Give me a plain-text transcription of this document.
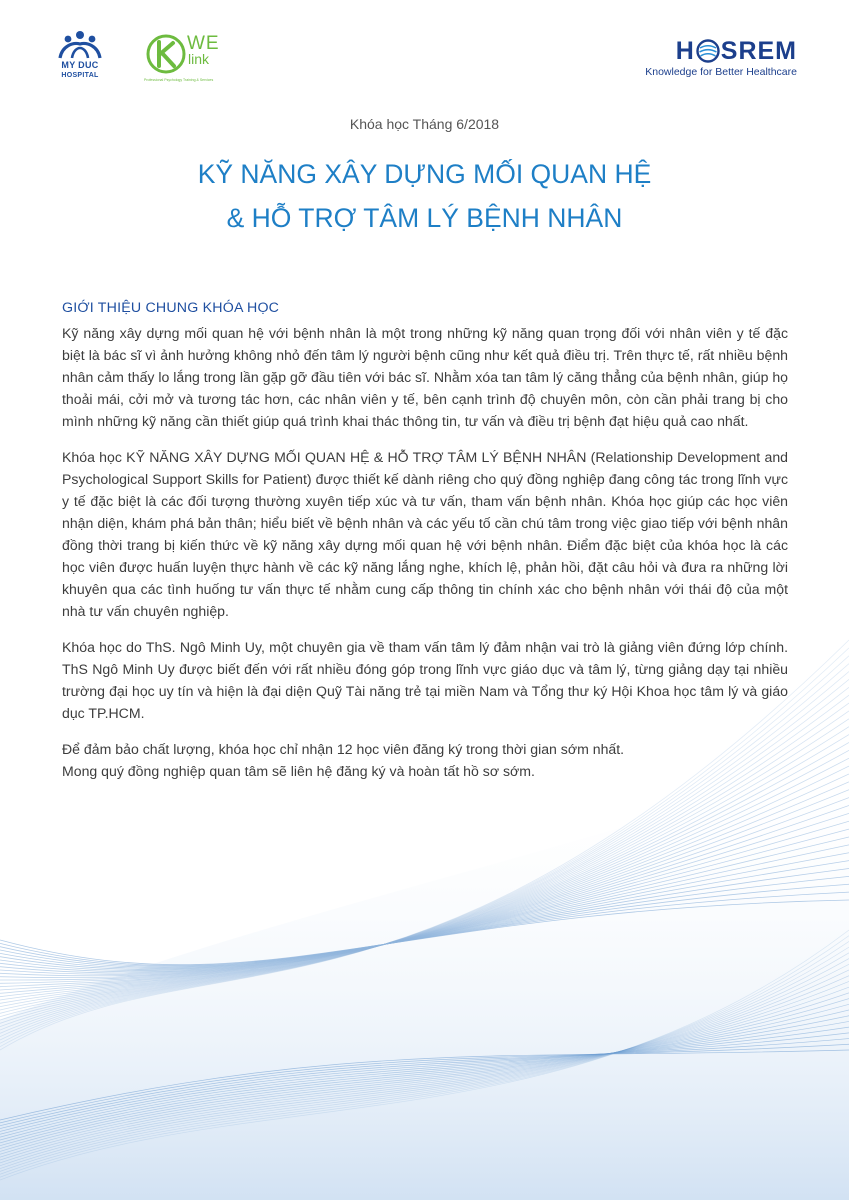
MY DUC
HOSPITAL
WE
link
Professional Psychology Training & Services
H SREM
Knowledge for Better Healthcare
Khóa học Tháng 6/2018
KỸ NĂNG XÂY DỰNG MỐI QUAN HỆ
& HỖ TRỢ TÂM LÝ BỆNH NHÂN
GIỚI THIỆU CHUNG KHÓA HỌC

Kỹ năng xây dựng mối quan hệ với bệnh nhân là một trong những kỹ năng quan trọng đối với nhân viên y tế đặc biệt là bác sĩ vì ảnh hưởng không nhỏ đến tâm lý người bệnh cũng như kết quả điều trị. Trên thực tế, rất nhiều bệnh nhân cảm thấy lo lắng trong lần gặp gỡ đầu tiên với bác sĩ. Nhằm xóa tan tâm lý căng thẳng của bệnh nhân, giúp họ thoải mái, cởi mở và tương tác hơn, các nhân viên y tế, bên cạnh trình độ chuyên môn, còn cần phải trang bị cho mình những kỹ năng cần thiết giúp quá trình khai thác thông tin, tư vấn và điều trị bệnh đạt hiệu quả cao nhất.

Khóa học KỸ NĂNG XÂY DỰNG MỐI QUAN HỆ & HỖ TRỢ TÂM LÝ BỆNH NHÂN (Relationship Development and Psychological Support Skills for Patient) được thiết kế dành riêng cho quý đồng nghiệp đang công tác trong lĩnh vực y tế đặc biệt là các đối tượng thường xuyên tiếp xúc và tư vấn, tham vấn bệnh nhân. Khóa học giúp các học viên nhận diện, khám phá bản thân; hiểu biết về bệnh nhân và các yếu tố cần chú tâm trong việc giao tiếp với bệnh nhân đồng thời trang bị kiến thức về kỹ năng xây dựng mối quan hệ với bệnh nhân. Điểm đặc biệt của khóa học là các học viên được huấn luyện thực hành về các kỹ năng lắng nghe, khích lệ, phản hồi, đặt câu hỏi và đưa ra những lời khuyên qua các tình huống tư vấn thực tế nhằm cung cấp thông tin chính xác cho bệnh nhân với thái độ của một nhà tư vấn chuyên nghiệp.

Khóa học do ThS. Ngô Minh Uy, một chuyên gia về tham vấn tâm lý đảm nhận vai trò là giảng viên đứng lớp chính. ThS Ngô Minh Uy được biết đến với rất nhiều đóng góp trong lĩnh vực giáo dục và tâm lý, từng giảng dạy tại nhiều trường đại học uy tín và hiện là đại diện Quỹ Tài năng trẻ tại miền Nam và Tổng thư ký Hội Khoa học tâm lý và giáo dục TP.HCM.

Để đảm bảo chất lượng, khóa học chỉ nhận 12 học viên đăng ký trong thời gian sớm nhất.
Mong quý đồng nghiệp quan tâm sẽ liên hệ đăng ký và hoàn tất hồ sơ sớm.
